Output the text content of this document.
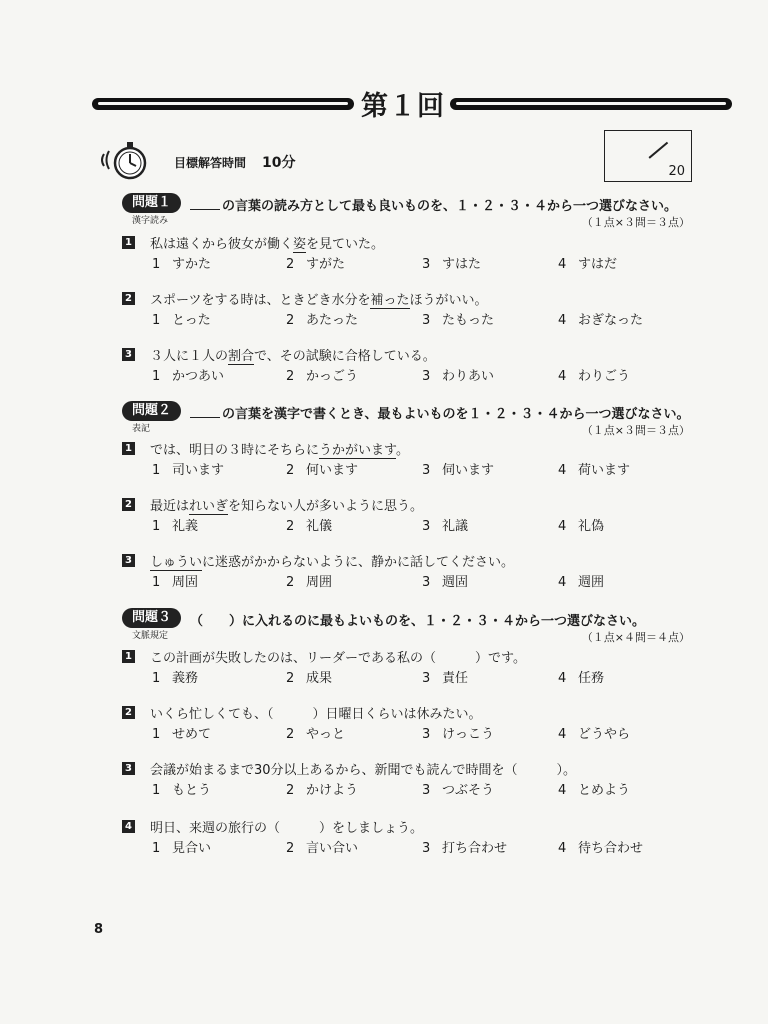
第１回
目標解答時間 10分
20
問題１	の言葉の読み方として最も良いものを、１・２・３・４から一つ選びなさい。
漢字読み	（１点×３問＝３点）
1 私は遠くから彼女が働く姿を見ていた。
1 すかた	2 すがた	3 すはた	4 すはだ
2 スポーツをする時は、ときどき水分を補ったほうがいい。
1 とった	2 あたった	3 たもった	4 おぎなった
3 ３人に１人の割合で、その試験に合格している。
1 かつあい	2 かっごう	3 わりあい	4 わりごう
問題２	の言葉を漢字で書くとき、最もよいものを１・２・３・４から一つ選びなさい。
表記	（１点×３問＝３点）
1 では、明日の３時にそちらにうかがいます。
1 司います	2 何います	3 伺います	4 荷います
2 最近はれいぎを知らない人が多いように思う。
1 礼義	2 礼儀	3 礼議	4 礼偽
3 しゅういに迷惑がかからないように、静かに話してください。
1 周固	2 周囲	3 週固	4 週囲
問題３	（　　）に入れるのに最もよいものを、１・２・３・４から一つ選びなさい。
文脈規定	（１点×４問＝４点）
1 この計画が失敗したのは、リーダーである私の（　　　）です。
1 義務	2 成果	3 責任	4 任務
2 いくら忙しくても、（　　　）日曜日くらいは休みたい。
1 せめて	2 やっと	3 けっこう	4 どうやら
3 会議が始まるまで30分以上あるから、新聞でも読んで時間を（　　　）。
1 もとう	2 かけよう	3 つぶそう	4 とめよう
4 明日、来週の旅行の（　　　）をしましょう。
1 見合い	2 言い合い	3 打ち合わせ	4 待ち合わせ
8
